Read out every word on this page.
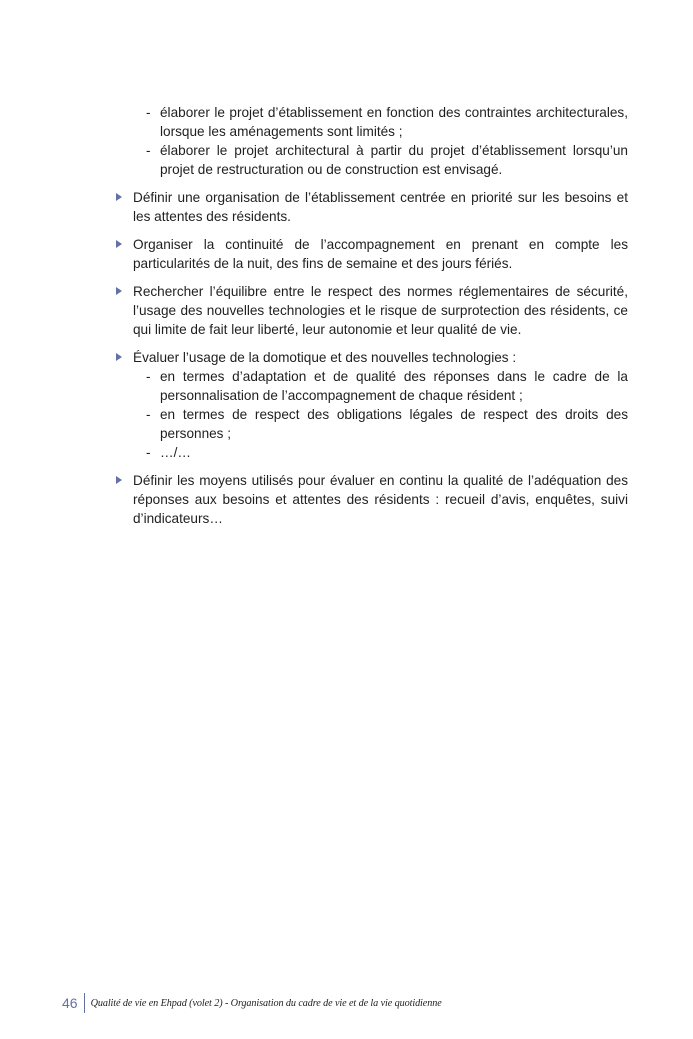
- élaborer le projet d’établissement en fonction des contraintes architecturales, lorsque les aménagements sont limités ;
- élaborer le projet architectural à partir du projet d’établissement lorsqu’un projet de restructuration ou de construction est envisagé.
Définir une organisation de l’établissement centrée en priorité sur les besoins et les attentes des résidents.
Organiser la continuité de l’accompagnement en prenant en compte les particularités de la nuit, des fins de semaine et des jours fériés.
Rechercher l’équilibre entre le respect des normes réglementaires de sécurité, l’usage des nouvelles technologies et le risque de surprotection des résidents, ce qui limite de fait leur liberté, leur autonomie et leur qualité de vie.
Évaluer l’usage de la domotique et des nouvelles technologies :
- en termes d’adaptation et de qualité des réponses dans le cadre de la personnalisation de l’accompagnement de chaque résident ;
- en termes de respect des obligations légales de respect des droits des personnes ;
- …/…
Définir les moyens utilisés pour évaluer en continu la qualité de l’adéquation des réponses aux besoins et attentes des résidents : recueil d’avis, enquêtes, suivi d’indicateurs…
46	Qualité de vie en Ehpad (volet 2) - Organisation du cadre de vie et de la vie quotidienne
